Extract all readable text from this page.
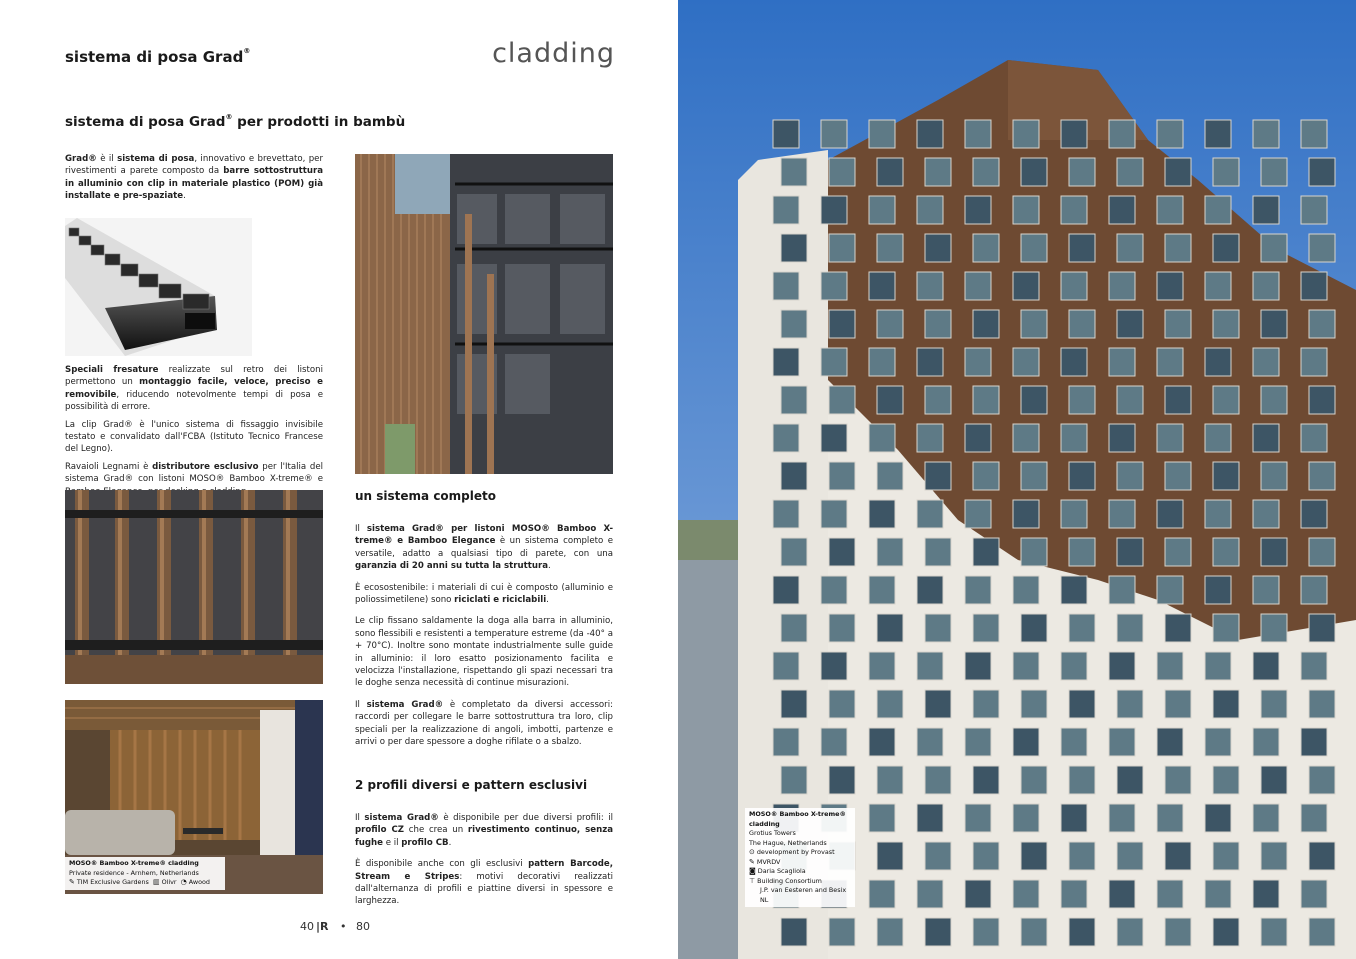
sistema di posa Grad®	cladding
sistema di posa Grad® per prodotti in bambù
Grad® è il sistema di posa, innovativo e brevettato, per rivestimenti a parete composto da barre sottostruttura in alluminio con clip in materiale plastico (POM) già installate e pre-spaziate.

Speciali fresature realizzate sul retro dei listoni permettono un montaggio facile, veloce, preciso e removibile, riducendo notevolmente tempi di posa e possibilità di errore.

La clip Grad® è l'unico sistema di fissaggio invisibile testato e convalidato dall'FCBA (Istituto Tecnico Francese del Legno).

Ravaioli Legnami è distributore esclusivo per l'Italia del sistema Grad® con listoni MOSO® Bamboo X-treme® e

MOSO® Bamboo X-treme® cladding
Private residence - Arnhem, Netherlands
✎ TIM Exclusive Gardens ▥ Olivr ◔ Awood
un sistema completo

Il sistema Grad® per listoni MOSO® Bamboo X-treme® e Bamboo Elegance è un sistema completo e versatile, adatto a qualsiasi tipo di parete, con una garanzia di 20 anni su tutta la struttura.

È ecosostenibile: i materiali di cui è composto (alluminio e poliossimetilene) sono riciclati e riciclabili.

Le clip fissano saldamente la doga alla barra in alluminio, sono flessibili e resistenti a temperature estreme (da -40° a + 70°C). Inoltre sono montate industrialmente sulle guide in alluminio: il loro esatto posizionamento facilita e velocizza l'installazione, rispettando gli spazi necessari tra le doghe senza necessità di continue misurazioni.

Il sistema Grad® è completato da diversi accessori: raccordi per collegare le barre sottostruttura tra loro, clip speciali per la realizzazione di angoli, imbotti, partenze e arrivi o per dare spessore a doghe rifilate o a sbalzo.

2 profili diversi e pattern esclusivi

Il sistema Grad® è disponibile per due diversi profili: il profilo CZ che crea un rivestimento continuo, senza fughe e il profilo CB.

È disponibile anche con gli esclusivi pattern Barcode, Stream e Stripes: motivi decorativi realizzati dall'alternanza di profili e piattine diversi in spessore e larghezza.

40 |R • 80
MOSO® Bamboo X-treme® cladding
Grotius Towers
The Hague, Netherlands
⊙ development by Provast
✎ MVRDV
◙ Daria Scagliola
⊤ Building Consortium
J.P. van Eesteren and Besix NL
